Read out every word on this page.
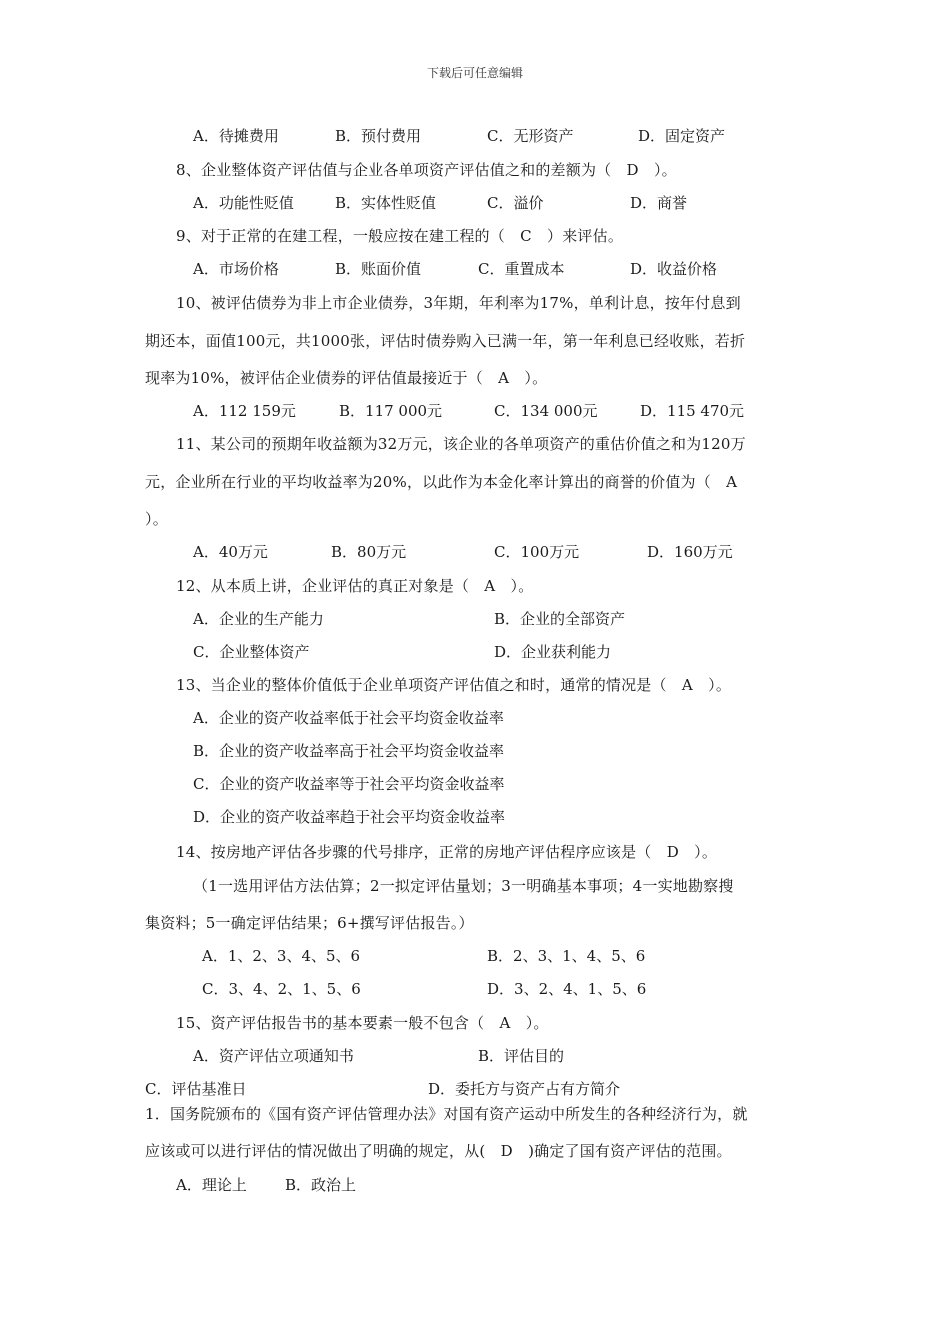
下载后可任意编辑
A．待摊费用	B．预付费用	C．无形资产	D．固定资产
8、企业整体资产评估值与企业各单项资产评估值之和的差额为（　D　）。
A．功能性贬值	B．实体性贬值	C．溢价	D．商誉
9、对于正常的在建工程，一般应按在建工程的（　C　）来评估。
A．市场价格	B．账面价值	C．重置成本	D．收益价格
10、被评估债券为非上市企业债券，3年期，年利率为17%，单利计息，按年付息到
期还本，面值100元，共1000张，评估时债券购入已满一年，第一年利息已经收账，若折
现率为10%，被评估企业债券的评估值最接近于（　A　）。
A．112 159元	B．117 000元	C．134 000元	D．115 470元
11、某公司的预期年收益额为32万元，该企业的各单项资产的重估价值之和为120万
元，企业所在行业的平均收益率为20%，以此作为本金化率计算出的商誉的价值为（　A
）。
A．40万元	B．80万元	C．100万元	D．160万元
12、从本质上讲，企业评估的真正对象是（　A　）。
A．企业的生产能力	B．企业的全部资产
C．企业整体资产	D．企业获利能力
13、当企业的整体价值低于企业单项资产评估值之和时，通常的情况是（　A　）。
A．企业的资产收益率低于社会平均资金收益率
B．企业的资产收益率高于社会平均资金收益率
C．企业的资产收益率等于社会平均资金收益率
D．企业的资产收益率趋于社会平均资金收益率
14、按房地产评估各步骤的代号排序，正常的房地产评估程序应该是（　D　）。
（1一选用评估方法估算；2一拟定评估量划；3一明确基本事项；4一实地勘察搜
集资料；5一确定评估结果；6+撰写评估报告。）
A．1、2、3、4、5、6	B．2、3、1、4、5、6
C．3、4、2、1、5、6	D．3、2、4、1、5、6
15、资产评估报告书的基本要素一般不包含（　A　）。
A．资产评估立项通知书	B．评估目的
C．评估基准日	D．委托方与资产占有方简介
1．国务院颁布的《国有资产评估管理办法》对国有资产运动中所发生的各种经济行为，就
应该或可以进行评估的情况做出了明确的规定，从(　D　)确定了国有资产评估的范围。
A．理论上	B．政治上
